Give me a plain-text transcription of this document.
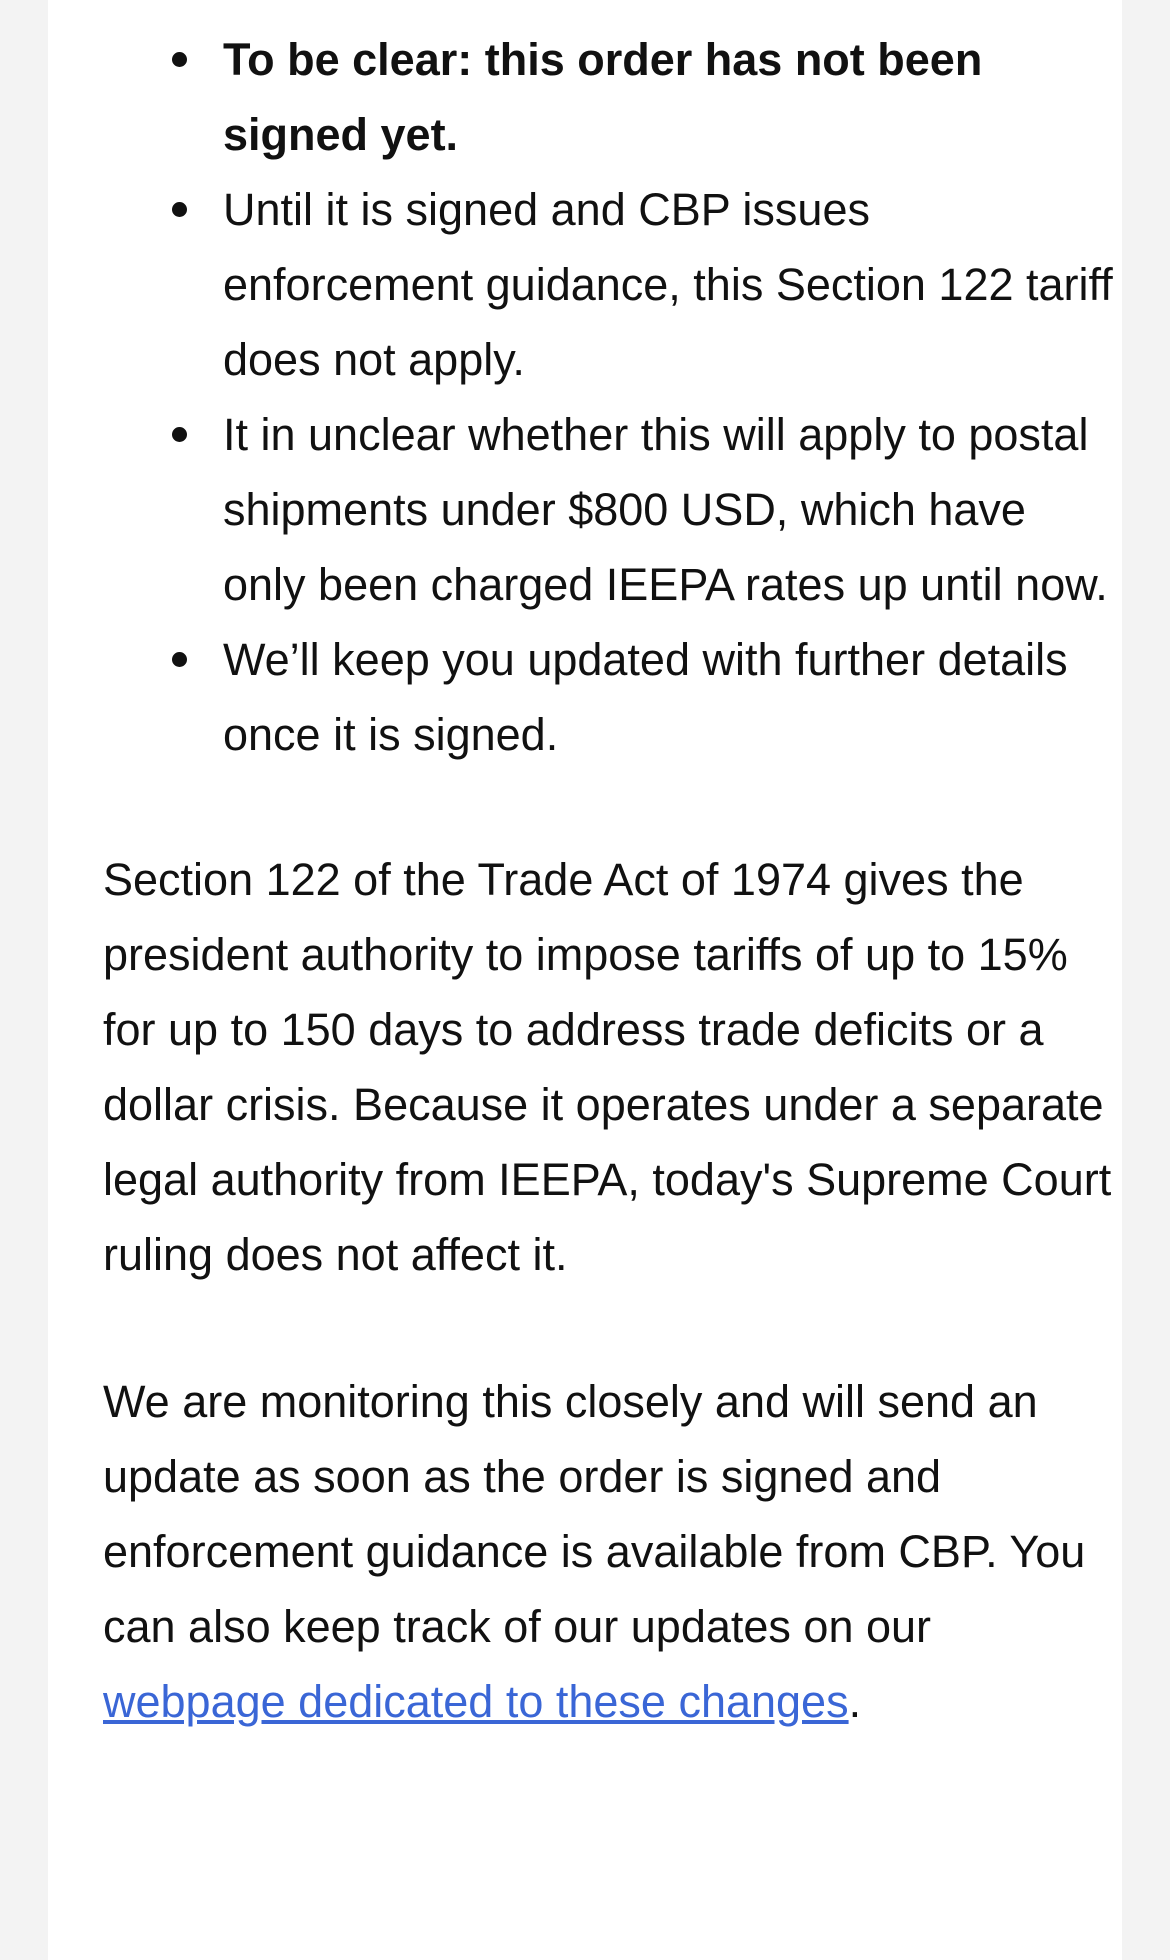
To be clear: this order has not been signed yet.
Until it is signed and CBP issues enforcement guidance, this Section 122 tariff does not apply.
It in unclear whether this will apply to postal shipments under $800 USD, which have only been charged IEEPA rates up until now.
We’ll keep you updated with further details once it is signed.

Section 122 of the Trade Act of 1974 gives the president authority to impose tariffs of up to 15% for up to 150 days to address trade deficits or a dollar crisis. Because it operates under a separate legal authority from IEEPA, today's Supreme Court ruling does not affect it.

We are monitoring this closely and will send an update as soon as the order is signed and enforcement guidance is available from CBP. You can also keep track of our updates on our webpage dedicated to these changes.
